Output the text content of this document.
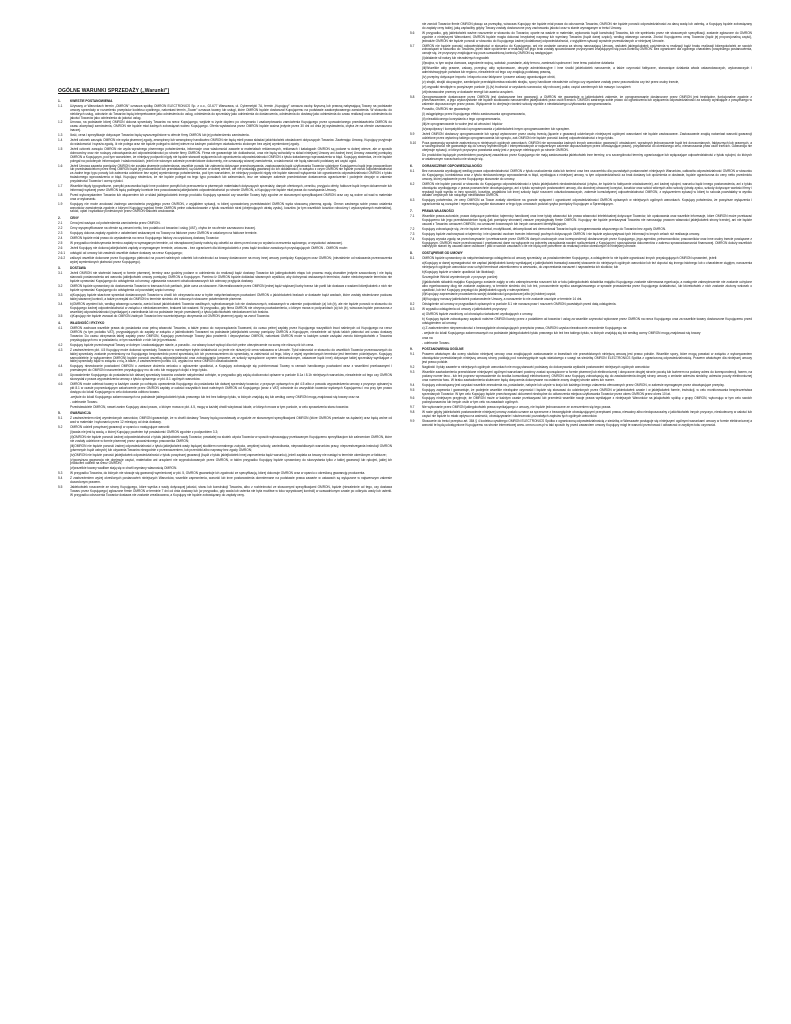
OGÓLNE WARUNKI SPRZEDAŻY („Warunki”)
1.	KWESTIE POSTANOWIENIA
1.1	Używany w Warunkach termin „OMRON” oznacza spółkę OMRON ELECTRONICS Sp. z o.o., 02-677 Warszawa, ul. Cybernetyki 7A, termin „Kupujący” oznacza osobę fizyczną lub prawną nabywającą Towary na podstawie umowy sprzedaży w rozumieniu przepisów kodeksu cywilnego, natomiast termin „Towar” oznacza towary lub usługi, które OMRON będzie dostarczał Kupującemu na podstawie zaakceptowanego zamówienia. W stosunku do niektórych usług, odnośnie do Towarów będą interpretowane jako odniesienia do usług, odniesienia do sprzedaży jako odniesienia do dostarczenia, odniesienia do dostawy jako odniesienia do czasu realizacji oraz odniesienia do jakości Towarów jako odniesienia do jakości usług.
1.2	Umowa, na podstawie której OMRON dokona sprzedaży Towarów na rzecz Kupującego, wejdzie w życie dopiero po otrzymaniu i zaakceptowaniu zamówienia Kupującego przez upoważnionego przedstawiciela OMRON do czasu akceptacji zamówienia, OMRON nie będzie miał żadnych zobowiązań wobec Kupującego. Oferta wystawiona przez OMRON będzie ważna jedynie przez 30 dni od dnia jej wystawienia, chyba że na ofercie zaznaczono inaczej.
1.3	Ilość, cena i specyfikacje dotyczące Towarów będą wyszczególnione w ofercie firmy OMRON lub jej potwierdzeniu zamówienia.
1.4	Jeżeli członek zarządu OMRON nie wyda pisemnej zgody, zewnętrzny lub wewnętrzny handlowiec OMRON nie będą mieli prawa składać jakichkolwiek oświadczeń dotyczących Towarów. Zawierając Umowę, Kupujący przyjmuje do wiadomości i wyraża zgodę, iż nie polega oraz nie będzie polegał w dobrej wierze na żadnym podobnym oświadczeniu złożonym bez wyżej wymienionej zgody.
1.5	Jeżeli członek zarządu OMRON nie wyda wyraźnego pisemnego potwierdzenia, informacje oraz wiadomości zawarte w materiałach reklamowych, reklamach i katalogach OMRON są podane w dobrej wierze, ale w sposób dobrowolny oraz nie rodzący zobowiązania ani odpowiedzialności po stronie firmy OMRON. Firma nie gwarantuje ich dokładności, oraz nie będą wchodziły w skład niniejszej Umowy ani żadnej innej Umowy zawartej pomiędzy OMRON a Kupującym, pod tym warunkiem, że niniejszy podpunkt nigdy nie będzie stanowił wyłączenia lub ograniczenia odpowiedzialności OMRON z tytułu świadomego wprowadzenia w błąd. Kupujący stwierdza, że nie będzie polegał na podobnych informacjach i wiadomościach, jeżeli nie wiosnym zakresie przedmiotowe dokumenty, nie oznaczają wiosnej zamówienia, a wiadomości nie będą stanowić podstawy ani część ugód.
1.6	Jeżeli Umowa zawarta pomiędzy OMRON nie została pisemnie potwierdzona, wszelkie poradu lub zalecenia dotyczące przechowywania, zastosowania bądź użytkowania Towarów udzielone Kupującemu bądź jego pracownikom lub przedstawicielom przez firmę OMRON bądź jej pracowników lub przedstawicieli, są udzielone w dobrej wierze, ale nie posiadają gwarancji do ich dokładności, w związku z czym OMRON nie będzie ponosić odpowiedzialności za żadne tego typu porady lub zalecenia udzielone bez wyżej wymienionego potwierdzenia, pod tym warunkiem, że niniejszy podpunkt nigdy nie będzie stanowił wyłączenia lub ograniczenia odpowiedzialności OMRON z tytułu świadomego wprowadzenia w błąd. Kupujący stwierdza, że nie będzie polegał na tego typu poradach lub zaleceniach, lecz we własnym zakresie przedmiotowe dostarczenia ograniczenie i podejmie decyzje w zakresie przydatności Towarów i ocenę rytuści.
1.7	Wszelkie błędy typograficzne, pomyłki pracownika bądź inne podobne pomyłki lub przeoczenia w pisemnych materiałach dotyczących sprzedaży, danych ofertowych, cenniku, przyjęciu oferty, fakturze bądź innym dokumencie lub informacji wydanej przez OMRON będą podlegały korekcie bez powodowania jakiejkolwiek odpowiedzialności po stronie OMRON, a Kupujący nie będzie miał prawa do rozwiązania Umowy.
1.8	Przed wykorzystaniem Towarów lub włączeniem ich w skład jakiegokolwiek innego produktu Kupujący sprawdzi czy wszelkie Towary były zgodne ze stosownymi specyfikacjami OMRON oraz czy są wolne od wad w materiale oraz w wykonaniu.
1.9	Kupujący nie może anulować żadnego zamówienia przyjętego przez OMRON, z wyjątkiem sytuacji, w której upoważniony przedstawiciel OMRON wyda stosowną pisemną zgodę. Omron zastrzega sobie prawo ustalenia warunków zamówienia zgodnie z którymi Kupujący wypłaci firmie OMRON pełne odszkodowanie z tytułu wszelkich strat (obejmujących utratę zysku), kosztów (w tym wszelkich kosztów robocizny i wykorzystanych materiałów), szkód, opłat i wydatków poniesionych przez OMRON wskutek anulowania.
2.	CENY
2.1	Cena jest ważąca od potwierdzenia zamówienia przez OMRON.
2.2	Ceny wyspecyfikowane na ofercie są cenami netto, bez podatku od towarów i usług (VAT), chyba że na ofercie zaznaczono inaczej.
2.3	Kupujący dokona zapłaty zgodnie z ustaleniami wskazanymi na Towary na fakturze przez OMRON w ustalonym na fakturze terminie.
2.4	OMRON będzie miał prawo do wystawienia na rzecz Kupującego faktury za częściową dostawę Towarów.
2.5	W przypadku niedotrzymania terminu zapłaty w wymaganym terminie, od niezapłaconej kwoty należą się odsetki za okres przed oraz po wydaniu orzeczenia sądowego, w wysokości ustawowej.
2.6	Jeżeli Kupujący nie dokona jakiejkolwiek zapłaty w wymaganym terminie, wówczas - bez ograniczeń dla któregokolwiek z praw bądź środków zaradczych przysługujących OMRON - OMRON może:
2.6.1	odstąpić od umowy lub zawiesić wszelkie dalsze dostawy na rzecz Kupującego;
2.6.2	zaliczyć wszelkie dokonane przez Kupującego płatności na poczet należnych odsetek lub należności za towary dostarczone na mocy innej umowy pomiędzy Kupującym oraz OMRON; (niezależnie od wskazania przeznaczenia wyżej wymienionych płatności przez Kupującego).
3.	DOSTAWA
3.1	Jeżeli OMRON nie stwierdzi inaczej w formie pisemnej, terminy oraz godziny podane w odniesieniu do realizacji bądź dostawy Towarów lub jakiegokolwiek etapu lub procesu mają charakter jedynie szacunkowy i nie będą stanowić postanowienia ani warunku jakiejkolwiek umowy pomiędzy OMRON a Kupującym. Pomimo iż OMRON będzie dokładać starannych wysiłków, aby dotrzymać wskazanych terminów, żadne niedotrzymanie terminów nie będzie uprawniać Kupującego do odstąpienia od umowy, zgłaszania roszczeń odszkodowawczych lub odmowy przyjęcia dostawy.
3.2	OMRON będzie uprawniony do dostarczenia Towarów w transzach lub partiach, jakie uzna za stosowne. Niezrealizowanie przez OMRON jednej bądź większej liczby transz lub partii lub dostawa z wadami którejkolwiek z nich nie będzie uprawniać Kupującego do odstąpienia od pozostałej części umowy.
3.3	a)Kupujący będzie skarżone sprzedaż dostarczonych Towarów w chwili ich otrzymania oraz w trybie natychmiastowym powiadomi OMRON o jakichkolwiek brakach w dostawie bądź wadach, które zostały stwierdzone podczas takiej starannej kontroli, a także przesyłał do OMRON w terminie siedmiu dni roboczych stosowne potwierdzenie pisemne.
3.4	b)OMRON wymieni lub, według własnego uznania, zwróci koszt jakichkolwiek Towarów wadliwych, wybrakowanych lub nie dostarczonych, wskazanych w zakresie podpunktach (a) lub (b), ale nie będzie ponosić w stosunku do Kupującego żadnej odpowiedzialności w związku z niedostarczeniem, brakami lub wadami. W przypadku, gdy firma OMRON nie otrzyma powiadomienia, o którym mowa w podpunktach (a) lub (b), wówczas będzie ponoszona z wszelkiej odpowiedzialności (wynikającej z zaniedbania lub na podstawie innych przesłanek) z tytułu jakichkolwiek niedostarczeń lub braków.
3.5	c)Kupujący nie będzie zwracał do OMRON żadnych Towarów bez wcześniejszego otrzymania od OMRON pisemnej zgody na zwrot Towarów.
4.	WŁASNOŚĆ I RYZYKO
4.1	OMRON zachowa wszelkie prawa do posiadania oraz pełną własność Towarów, a także prawo do rozporządzania Towarami, do czasu pełnej zapłaty przez Kupującego wszystkich kwot należnych od Kupującego na rzecz OMRON (w tym podatku VAT), przypadających do zapłaty w związku z jakimikolwiek Towarami na podstawie jakiejkolwiek umowy pomiędzy OMRON a Kupującym, niezależnie od tytułu takich płatności ani czasu dostawy Towarów. Do czasu otrzymania takiej zapłaty przez OMRON, Kupujący przechowuje Towary jako powiernik i depozytariusz OMRON, natomiast OMRON może w każdym czasie zażądać zwrotu któregokolwiek z Towarów przysługujących mu w posiadaniu, w tym wszelkich z nich lub jej przekazać.
4.2	Kupujący będzie przechowywał Towary w dobrym i zadowalającym stanie, a ponadto - na własny koszt wykupi dla nich pełne ubezpieczenie na sumę nie niższą niż ich cena.
4.3	Z zastrzeżeniem pkt. 4.5 Kupujący może dokonać sprzedaży Towarów w normalnym trybie działalności co jenie nie niższej niż cena wskazana w Umowie. Tytuł własności w stosunku do wszelkich Towarów przeznaczonych do takiej sprzedaży zostanie przeniesiony na Kupującego bezpośrednio przed sprzedażą lub ich przeznaczeniem do sprzedaży, w zależności od tego, który z wyżej wymienionych terminów jest terminem późniejszym. Kupujący samodzielnie (z wyłączeniem OMRON) będzie ponosić wszelką odpowiedzialność oraz zobowiązania (umowne, ze szkody wyrządzone czynem niedozwolonym, ustawowe bądź inne) dotyczące takiej sprzedaży wynikające z takiej sprzedaży bądź w związku z nią, a także, z zastrzeżeniem punktu 4.5, wypłaci na rzecz OMRON odszkodowanie.
4.4	Kupujący niezwłocznie powiadomi OMRON o zamiarze złożenia wniosku o ogłoszenie upadłości, a Kupujący zobowiązuje się poinformować Towary w ramach handlowego powiadomi wraz z wszelkimi przekazanymi i przesłanymi do OMRON roszczeniem przysługujący mu do celu lub mogących dojść z tego tytułu.
4.5	Upoważnienie Kupującego do posiadania lub dalszej sprzedaży towarów zostanie natychmiast cofnięte, w przypadku gdy zajdą okoliczności opisane w punkcie 8.1a i 8.1b niniejszych warunków, niezależnie od tego czy OMRON skorzystał z prawa wypowiedzenia umowy z tytułu opisanego w pkt. 8.1 ogólnych warunków.
4.6	OMRON może odebrać towary w każdym czasie po cofnięciu uprawnienia Kupującego do posiadania lub dalszej sprzedaży towarów, z przyczyn opisanych w pkt 4.5 albo z powodu wypowiedzenia umowy z przyczyn opisanej w pkt 8.1 w czasie poprzedzającym zakończenie przez OMRON zapłaty w całości wszystkich kwot należnych OMRON od Kupującego (wraz z VAT) odnośnie do wszystkich towarów wydanych Kupującemu i ma przy tym prawo dostępu do lokali Kupującego w celu dokonania odbioru towaru.
-wejście do lokali Kupującego załomnowanych na podstawie jakiegokolwiek tytułu prawnego lub też bez takiego tytułu, w których znajdują się lub według oceny OMRON mogą znajdować się towary oraz na
- odebranie Towaru.
Przedstawiciele OMRON, nawet zanim Kupujący utraci prawo, o którym mowa w pkt. 4.5, mogą w każdej chwili wizytować lokale, w których mowa w tym punkcie, w celu sprawdzenia stanu towarów.
5.	GWARANCJA
5.1	Z zastrzeżeniem niżej wymienionych warunków, OMRON gwarantuje, że w chwili dostawy Towary będą pozostawały w zgodzie ze stosownymi specyfikacjami OMRON (które OMRON przekaże na żądanie) oraz będą wolne od wad w materiale i wykonaniu przez 12 miesięcy od dnia dostawy.
5.2	OMRON udzieli powyższej gwarancji w oparciu o następujące warunki:
(i)wada nie jest tą wadą, o której Kupujący powinien był powiadomić OMRON zgodnie z podpunktem 3.3;
(ii)OMRON nie będzie ponosić żadnej odpowiedzialności z tytułu jakiejkolwiek wady Towarów, powstałej na skutek użycia Towarów w sposób wykraczający przekazanym Kupującemu specyfikacjom lub zaleceniom OMRON, które nie zostały udzielone w formie pisemnej przez upoważnionego pracownika OMRON;
(iii)OMRON nie będzie ponosić żadnej odpowiedzialności z tytułu jakiejkolwiek wady będącej skutkiem normalnego zużycia, umyślnej szkody, zaniedbania, nieprawidłowych warunków pracy, nieprzestrzegania instrukcji OMRON (pisemnych bądź ustnych) lub używania Towarów niezgodnie z przeznaczeniem, lub przeróbki albo naprawy bez zgody OMRON;
(iv)OMRON nie będzie ponosić jakiejkolwiek odpowiedzialności z tytułu powyższej gwarancji (bądź z tytułu jakiejkolwiek innej zapewnienia bądź warunku), jeżeli zapłata za towary nie nastąpi w terminie określonym w fakturze;
(v)powyższa gwarancja nie obejmuje części, materiałów ani urządzeń nie wyprodukowanych przez OMRON, w takim przypadku Kupujący będzie uprawniony do skorzystania tylko z takiej gwarancji lub rękojmi, jakiej ich producent udzielił na rzecz OMRON;
(vi)wszelkie towary wadliwe stają się w chwili wymiany własnością OMRON.
5.3	W przypadku Towarów, do których nie stosuje się gwarancji wymienionej w pkt. 5, OMRON gwarantuje ich zgodność ze specyfikacją, której dokonuje OMRON oraz w oparciu o określoną gwarancję producenta.
5.4	Z zastrzeżeniem wyżej określonych postanowień niniejszych Warunków, wszelkie zapewnienia, warunki lub inne postanowienia domniemane na podstawie prawa zawarte w ustawach są wyłączone w najszerszym zakresie dozwolonym prawem.
5.5	Jakiekolwiek roszczenie ze strony Kupującego, które wynika z wady dotyczącej jakości, stanu lub konstrukcji Towarów, albo z rozbieżności ze stosownymi specyfikacjami OMRON, będzie (niezależnie od tego, czy dostawa Towaru przez Kupującego) zgłoszone firmie OMRON w terminie 7 dni od dnia dostawy lub (w przypadku, gdy wada lub usterka nie była możliwe w toku wyrywkowej kontroli) w uzasadnionym czasie po odkryciu wady lub usterki. W przypadku odrzucenia Towarów dostawa nie zostanie zrealizowana, a Kupujący nie będzie zobowiązany do zapłaty ceny.
nie zwrócił Towarów firmie OMRON płacąc za przesyłkę, wówczas Kupujący nie będzie miał prawa do odrzucenia Towarów, OMRON nie będzie ponosić odpowiedzialności za daną wadę lub usterkę, a Kupujący będzie zobowiązany do zapłaty ceny takiej, jaką zapłaciłby gdyby Towary zostały dostarczone przy zachowaniu jakości oraz w stanie wymaganym w treści Umowy.
5.6	W przypadku, gdy jakiekolwiek ważne roszczenie w stosunku do Towarów, oparte na wadzie w materiale, wykonaniu bądź konstrukcji Towarów, lub nie spełnianiu przez nie stosownych specyfikacji, zostanie zgłoszone do OMRON zgodnie z niniejszymi Warunkami, OMRON będzie mogła dokonać bezpłatnej naprawy lub wymiany Towarów (bądź danej części), według własnego uznania. Zwróci Kupującemu cenę Towarów (bądź jej proporcjonalną część), jednakże OMRON nie będzie ponosić w stosunku do Kupującego żadnej dodatkowej odpowiedzialności, z wyjątkiem sytuacji wyraźnie przewidzianych w niniejszej Umowie.
5.7	OMRON nie będzie ponosić odpowiedzialności w stosunku do Kupującego, ani nie zostanie uznana za stronę naruszającą Umowę, wskutek jakiegokolwiek opóźnienia w realizacji bądź braku realizacji któregokolwiek ze swoich zobowiązań w stosunku do Towarów, jeżeli takie opóźnienie w realizacji lub jego brak zostały spowodowane przyczynami znajdującymi się poza kontrolą OMRON. Bez ograniczeń dla ogólnego charakteru powyższego postanowienia, uznaje się, że przyczyny znajdujące się poza uzasadnioną kontrolą OMRON są następujące:
(i)działanie sił natury lub niezależnych wypadek
(ii)wojna, w tym wojna domowa, zagrożenie wojną, sabotaż, powstanie, akty terroru, zamieszki społeczne i inne temu podobne działania
(iii)Wszelkie akty prawne, zakazy, przepisy, akty wykonawcze, decyzje administracyjne i inne środki jakiekolwiek naruszenie, a także czynności faktyczne, stanowiące działania władz ustawodawczych, wykonawczych i administracyjnych państwa lub regionu, niezależnie od tego czy znajdują podstawę prawną,
(iv) przepisy dotyczące importu i eksportu oraz faktyczne i prawne zakazy ograniczające obrót,
(v) strajki, strajki okupacyjne, zamknięcie przedsiębiorstwa wskutek strajku, spory handlowe niezależnie od tego czy wywołane zostały przez pracowników czy też przez osoby trzecie,
(vi) wypadki nieobjęte w powyższym punkcie (i)-(iv) trudności w uzyskaniu surowców, siły roboczej, paliw, części zamiennych lub maszyn i urządzeń
(vii)niezawodne przerwy w dostawie energii lub awaria urządzeń.
5.8	Oprogramowanie dostarczane przez OMRON jest dostarczane bez gwarancji, a OMRON nie gwarantuje w jakimkolwiek zakresie, że oprogramowanie dostarczone przez OMRON jest bezbłędne, funkcjonalne zgodnie z przeznaczeniem, a jego wykorzystanie nie będzie skutkowało naruszeniem jakiejkolwiek praw osób trzecich. OMRON zastrzega sobie prawo do ograniczenia lub wyłączenia odpowiedzialności za szkody wynikające z powyższego w zakresie dopuszczonym przez prawo. Wyłączenie to obejmuje również szkody wynikłe z niewłaściwego użytkowania oprogramowania.
Ponadto, OMRON nie gwarantuje:
(i) osiągniętego przez Kupującego efektu zastosowania oprogramowania,
(ii) niezakłóconego korzystania z tego oprogramowania,
(iii)że oprogramowanie to wolne jest od wirusów i błędów
(iv)współpracy i kompatybilności oprogramowania z jakimkolwiek innym oprogramowaniem lub sprzętem.
5.9	Jeżeli OMRON dostarczy oprogramowanie lub sprzęt wytworzone przez osobę trzecią (łącznie z gwarancji udzielonych niniejszymi ogólnymi warunkami nie będzie zastosowane. Zastosowanie znajdą natomiast warunki gwarancji udzielone przez wytwórcę takiego oprogramowania lub sprzętu, zaś OMRON nie będzie ponosić żadnej odpowiedzialności z tego tytułu.
5.10	Poza gwarancją wyraźnie zastrzeżoną w niniejszych ogólnych warunkach, OMRON nie wprowadza żadnych innych warunków, gwarancji i oświadczeń, wyraźnych jednoznacznie bądź też dorozumianych, faktycznych lub prawnych, a w szczególności nie gwarantuje się do rzeczy wymienionych i interpretowanych w najszerszym zakresie dopuszczalnym przez obowiązujące prawo), przydatności do określonego celu, nienaruszania praw osób trzecich. Gwarancja nie obejmuje sytuacji, w których przyczyna powstania wady jest z przyczyn nieleżących po stronie OMRON.
Do produktów będących przedmiotem powyższej zasadniczo przez Kupującego nie mają zastosowania jakiekolwiek inne terminy, a w szczególności terminy ograniczające lub wyłączające odpowiedzialność z tytułu rękojmi, do których w ostatecznym rozrachunku nie stosuje się.
6.	OGRANICZENIE ODPOWIEDZIALNOŚCI
6.1	Bez naruszania wynikającej według prawa odpowiedzialności OMRON z tytułu uszkodzenia ciała lub śmierci oraz bez uszczerbku dla pozostałych postanowień niniejszych Warunków, całkowita odpowiedzialność OMRON w stosunku do Kupującego, kontraktowa oraz z tytułu niedozwolonego wprowadzenia w błąd, wynikająca z niniejszej umowy, w tym odpowiedzialność za brak dostawy lub opóźnienia w dostawie, będzie ograniczona do ceny netto przedmiotu umowy, której zapłacenie przez Kupującego stosownie do umowy.
6.2	OMRON nie będzie ponosić w stosunku do Kupującego odpowiedzialności z tytułu jakiejkolwiek niedowiedzialności (chyba, że będzie to faktycznie oświadczenie), ani żadnej rękojmi, warunku bądź innego postanowienia, ani z tytułu obowiązku wynikającego z prawa powszechnie obowiązującego, ani z tytułu wyraźnych postanowień umowy, dla dowolnej utraconej korzyści, kosztów oraz szkód wtórnych albo szkody (utratę zysku, szkody dotyczące wartości firmy i reputacji bądź wyniku w inny sposób), kosztów, wydatków lub innej szkody bądź roszczeń odszkodowawczych, zakresie kumulatywnej odpowiedzialności OMRON, z wyłączeniem sytuacji w której to szkoda powstałaby w wyniku działań umyślnych lub rażącego niedbalstwa OMRON.
6.3	Kupujący potwierdza, że ceny OMRON za Towar zostały określone na gruncie wyłączeń i ograniczeń odpowiedzialności OMRON opisanych w niniejszych ogólnych warunkach. Kupujący potwierdza, że powyższe wyłączenia i ograniczenia są rozsądne i reprezentują zwykłe stosowane w tego typu umowach podział ryzyka pomiędzy Kupującym a Sprzedającym.
7.	PRAWA WŁASNOŚCI
7.1	Wszelkie prawa autorskie, prawa dotyczące patentów, tajemnicy handlowej oraz inne tytuły własności lub prawa własności intelektualnej dotyczące Towarów, ich opakowania oraz wszelkie informacje, które OMRON może przekazać Kupującemu lub jego przedstawicielom będą (jak pomiędzy stronami) zawsze przysługiwały firmie OMRON. Kupujący nie będzie przekazywał Towarów nie naruszając prawom własności jakiejkolwiek strony trzeciej, ani nie będzie usuwał z Towarów oznaczeń OMRON, na oznaczeń towarowych lub innych oznaczeń identyfikujących.
7.2	Kupujący zobowiązuje się, że nie będzie zmieniał, modyfikował, dekompilował ani demontował Towarów bądź oprogramowania włączonego do Towarów bez zgody OMRON.
7.3	Kupujący będzie zachowywać w tajemnicy i nie ujawniać osobom trzecim informacji poufnych dotyczących OMRON i nie będzie wykorzystywać tych informacji w innych celach niż realizacja umowy.
7.4	Kupujący wyraża zgodę na przechowywanie i przetwarzanie przez OMRON danych osobowych oraz korespondencji dostarczonych przez Kupującego, jego agentów, pełnomocników, pracowników oraz inne osoby trzecie powiązane z Kupującym. OMRON może przechowywać i przetwarzać dane na wyłącznie na potrzeby zarządzania swoimi rozliczeniami z Kupującym i sporządzania dokumentów z zakresu sprawozdawczości finansowej. OMRON dołoży wszelkich należytych starań by usuwać dane osobowe i pliki w swoich zasobach o ile nie będą one potrzebne do realizacji celów określonych w niniejszej umowie.
8.	ODSTĄPIENIE OD UMOWY
8.1	OMRON będzie uprawniony do natychmiastowego odstąpienia od umowy sprzedaży, za powiadomieniem Kupującego, a odstąpienie to nie będzie ograniczać innych przysługujących OMRON uprawnień, jeżeli:
a)Kupujący w danej wymagalności nie zapłaci jakiejkolwiek kwoty wynikającej z jakiejkolwiek transakcji zawartej stosownie do niniejszych ogólnych warunków lub też dopuści się innego istotnego lub o charakterze ciągłym, naruszenia niniejszych ogólnych warunków oraz uchybi terminowi zakreślonemu w wezwaniu, do zaprzestania naruszeń i naprawienia ich skutków, lub
b)Kupujący będzie w stanie upadłości lub likwidacji;
Szczególnie Wśród wymienionych z przyczyn poniżej:
(i)jakikolwiek składnik majątku Kupującego zostanie zajęty w celu zabezpieczenia roszczeń lub w toku jakiegokolwiek składnika majątku Kupującego zostanie skierowana egzekucja, a następnie zabezpieczenie nie zostanie uchylone albo egzekwowany dług nie zostanie zapłacony, w terminie siedmiu dni, lub też, porozumienie wyniku zaangażowanego w sprawie prowadzenia przez Kupującego działalności, lub którekolwiek z nich zostanie złożony wniosek o upadłość, lub też Kupujący przystąpi do jakiejkolwiek ugody z wierzycielami;
(ii)Kupujący zaprzestanie prowadzenia swojej działalności gospodarczej albo jej istotnej części;
(iii)Kupujący naruszy jakiekolwiek postanowienie Umowy, a naruszenie to nie zostanie usunięte w terminie 14 dni.
8.2	Odstąpienie od umowy w przypadkach opisanych w punkcie 8.1 nie narusza praw i roszczeń OMRON powstałych przed datą odstąpienia.
8.3	W wypadku odstąpienia od umowy z jakiekolwiek przyczyny:
a) OMRON będzie zwolniony od obowiązku świadczeń wynikających z umowy.
b) Kupujący będzie zobowiązany zapłacić należne OMRON kwoty przez z podatkiem od towarów i usług za wszelkie czynności wykonane przez OMRON na rzecz Kupującego oraz za wszelkie towary dostarczone Kupującemu przed odstąpieniem od umowy.
c) Z zastrzeżeniem nieprzenośności z bezwzględnie obowiązujących przepisów prawa, OMRON uzyska niezwłocznie zezwolenie Kupującego na:
- wejście do lokali Kupującego załomnowanych na podstawie jakiegokolwiek tytułu prawnego lub też bez takiego tytułu, w których znajdują się lub według oceny OMRON mogą znajdować się towary
oraz na
- odebranie Towaru.
9.	POSTANOWIENIA OGÓLNE
9.1	Prawem właściwym dla oceny skutków niniejszej umowy oraz znajdujących zastosowanie w kwestiach nie przewidzianych niniejszą umową jest prawo polskie. Wszelkie spory, które mogą powstać w związku z wykonywaniem obowiązków przewidzianych niniejszą umową strony poddają pod rozstrzygnięcie sądu właściwego z uwagi na siedzibę OMRON ELECTRONICS Spółka z ograniczoną odpowiedzialnością. Prawem właściwym dla niniejszej umowy jest prawo polskie.
9.2	Nagłówki i tytuły zawarte w niniejszych ogólnych warunkach nie mogą stanowić podstawy do dokonywania wykładni postanowień niniejszych ogólnych warunków.
9.3	Wszelkie zawiadomienia przewidziane niniejszymi ogólnymi warunkami powinny zostać sporządzone w formie pisemnej lub elektronicznej i doręczone drugiej stronie pocztą lub kurierem na podany adres do korespondencji, faxem, na podany numer faxu - lub też poprzez wprowadzenie do środka komunikacji elektronicznej. OMRON oraz Kupujący zobowiązują się do zawiadomienia drugiej strony umowy o zmianie adresów siedziby, adresów poczty elektronicznej oraz numerów faxu. W braku zawiadomienia skuteczne będą doręczenia dokonywane na ostatnie znany drugiej stronie adres lub numer.
9.4	Kupujący zobowiązany jest uzyskać wszelkie zezwolenia na, posiadanie, nabycie lub użycie w kraju lub każdego innego zdarzenia oferowanych przez OMRON, w zakresie wymaganym przez obowiązujące przepisy.
9.5	Kupujący zapewnia i gwarantuje, że podejmie wszelkie niezbędne czynności i będzie się stosować do udzielonych przez OMRON w jakimkolwiek czasie i w jakiejkolwiek formie, instrukcji, w celu monitorowania bezpieczeństwa sprzedanych Towarów. W tym celu Kupujący będzie przechowywać dokument niezbędne do odtworzenia miejsca użytkowania Towarów przez okres OMRON przez okres 10 lat.
9.6	Kupujący niniejszym przyjmuje, że OMRON może w każdym czasie przekazywać lub przenieść wszelkie swoje prawa wynikające z niniejszych Warunków na jakąkolwiek spółkę z grupy OMRON, wykonując w tym celu swoich podwykonawców lub innych osób w tym celu na zasadach ogólnych.
9.7	Nie wykonanie przez OMRON jakiegokolwiek prawa wynikającego z umowy, nie będzie jednoznaczne ze zrzeczeniem się tego prawa.
9.8	W razie gdyby jakiekolwiek postanowienie niniejszej umowy zostało uznane za sprzeczne z bezwzględnie obowiązującymi przepisami prawa, nieważny albo niedopuszczalny z jakichkolwiek innych przyczyn, nieskuteczny w całości lub części nie będzie to miało wpływu na ważność, obowiązywanie i skuteczność pozostałych zapisów tych ogólnych warunków.
9.9	Stosownie do treści przepisu art. 384 § 4 kodeksu cywilnego OMRON ELECTRONICS Spółka z ograniczoną odpowiedzialnością z siedzibą w Warszawie posługuje się niniejszymi ogólnymi warunkami umowy w formie elektronicznej a warunki te będą udostępnione Kupującemu na stronie internetowej www. omron.com.pl w taki sposób by przed zawarciem umowy Kupujący mógł te warunki przechować i odtwarzać w zwykłym toku czynności.
